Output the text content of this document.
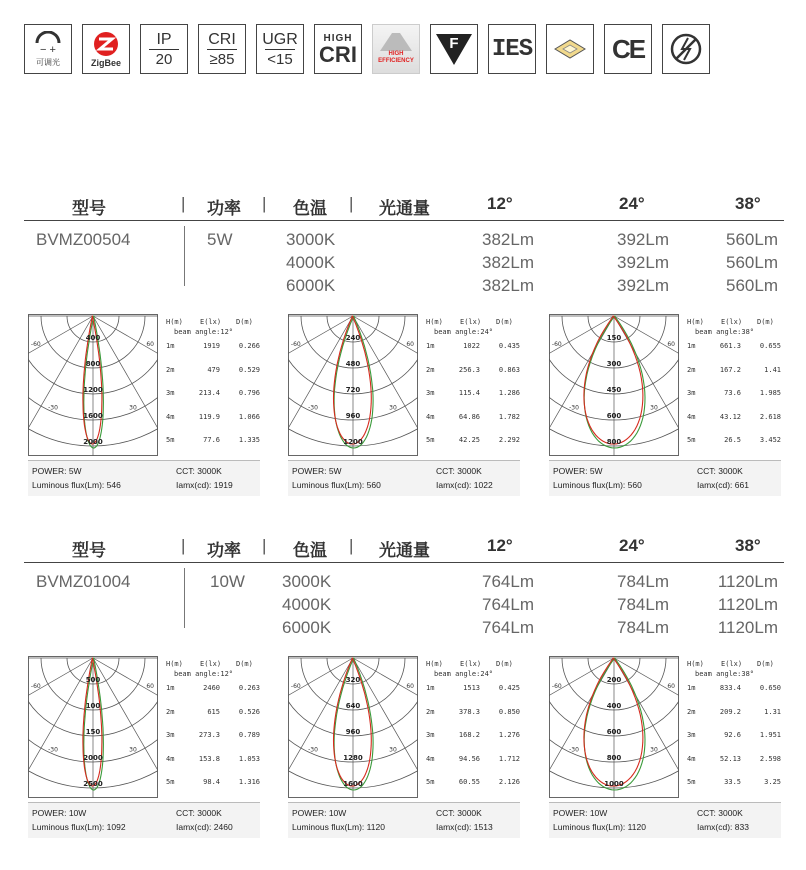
− +
可调光	ZigBee
IP
20
CRI
≥85
UGR
<15
HIGH
CRI	HIGH
EFFICIENCY
F IES	CE
型号	| 功率 | 色温 | 光通量	12°	24°	38°
BVMZ00504	5W	3000K	382Lm	392Lm	560Lm
4000K	382Lm	392Lm	560Lm
6000K	382Lm	392Lm	560Lm
-60	60
-30	30
400
800
1200
1600
2000
H(m) E(lx) D(m)
beam angle:12°
1m	1919	0.266
2m	479	0.529
3m	213.4	0.796
4m	119.9	1.066
5m	77.6	1.335
POWER: 5W	CCT: 3000K
Luminous flux(Lm): 546	Iamx(cd): 1919
-60	60
-30	30
240
480
720
960
1200
H(m) E(lx) D(m)
beam angle:24°
1m	1022	0.435
2m	256.3	0.863
3m	115.4	1.286
4m	64.86	1.782
5m	42.25	2.292
POWER: 5W	CCT: 3000K
Luminous flux(Lm): 560	Iamx(cd): 1022
-60	60
-30	30
150
300
450
600
800
H(m) E(lx) D(m)
beam angle:38°
1m	661.3	0.655
2m	167.2	1.41
3m	73.6	1.985
4m	43.12	2.618
5m	26.5	3.452
POWER: 5W	CCT: 3000K
Luminous flux(Lm): 560	Iamx(cd): 661
型号	| 功率 | 色温 | 光通量	12°	24°	38°
BVMZ01004	10W 3000K	764Lm	784Lm	1120Lm
4000K	764Lm	784Lm	1120Lm
6000K	764Lm	784Lm	1120Lm
-60	60
-30	30
500
100
150
2000
2500
H(m) E(lx) D(m)
beam angle:12°
1m	2460	0.263
2m	615	0.526
3m	273.3	0.789
4m	153.8	1.053
5m	98.4	1.316
POWER: 10W	CCT: 3000K
Luminous flux(Lm): 1092	Iamx(cd): 2460
-60	60
-30	30
320
640
960
1280
1600
H(m) E(lx) D(m)
beam angle:24°
1m	1513	0.425
2m	378.3	0.850
3m	168.2	1.276
4m	94.56	1.712
5m	60.55	2.126
POWER: 10W	CCT: 3000K
Luminous flux(Lm): 1120	Iamx(cd): 1513
-60	60
-30	30
200
400
600
800
1000
H(m) E(lx) D(m)
beam angle:38°
1m	833.4	0.650
2m	209.2	1.31
3m	92.6	1.951
4m	52.13	2.598
5m	33.5	3.25
POWER: 10W	CCT: 3000K
Luminous flux(Lm): 1120	Iamx(cd): 833
